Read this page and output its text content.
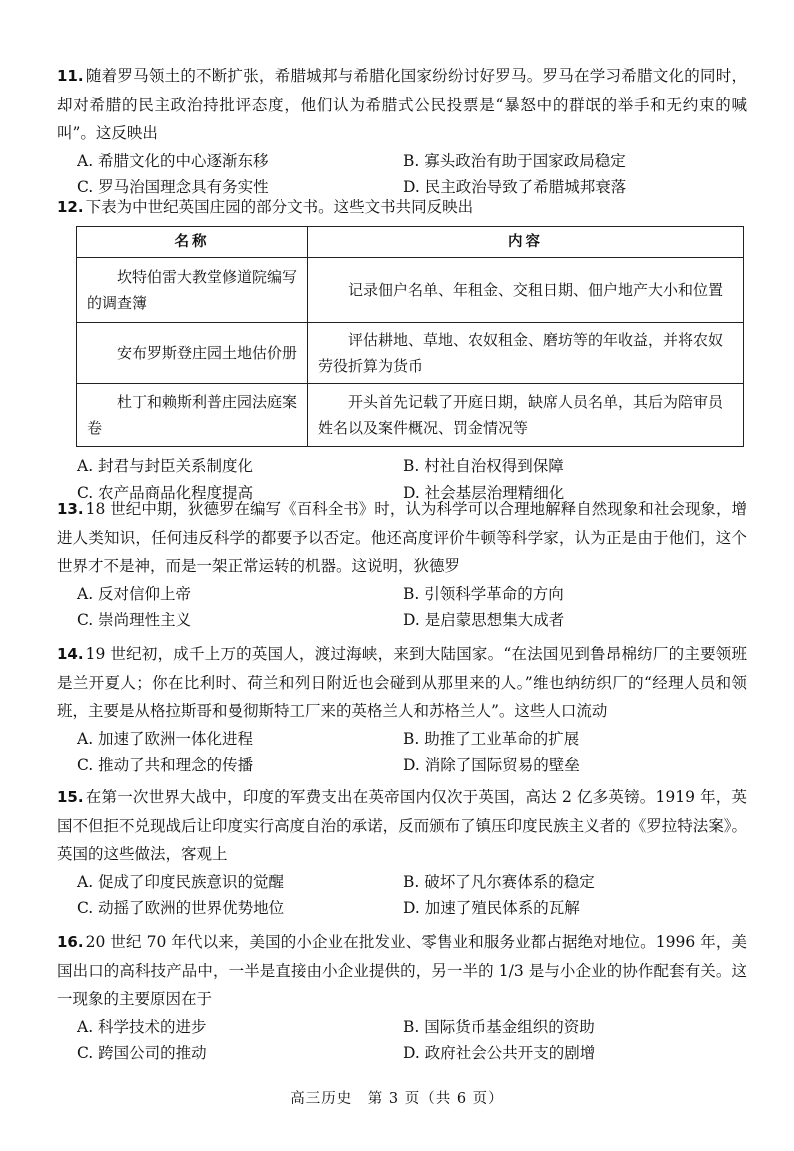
11. 随着罗马领土的不断扩张，希腊城邦与希腊化国家纷纷讨好罗马。罗马在学习希腊文化的同时，却对希腊的民主政治持批评态度，他们认为希腊式公民投票是“暴怒中的群氓的举手和无约束的喊叫”。这反映出

A. 希腊文化的中心逐渐东移	B. 寡头政治有助于国家政局稳定
C. 罗马治国理念具有务实性	D. 民主政治导致了希腊城邦衰落

12. 下表为中世纪英国庄园的部分文书。这些文书共同反映出

名称	内容
坎特伯雷大教堂修道院编写的调查簿	记录佃户名单、年租金、交租日期、佃户地产大小和位置
安布罗斯登庄园土地估价册	评估耕地、草地、农奴租金、磨坊等的年收益，并将农奴劳役折算为货币
杜丁和赖斯利普庄园法庭案卷	开头首先记载了开庭日期，缺席人员名单，其后为陪审员姓名以及案件概况、罚金情况等
A. 封君与封臣关系制度化	B. 村社自治权得到保障
C. 农产品商品化程度提高	D. 社会基层治理精细化

13. 18 世纪中期，狄德罗在编写《百科全书》时，认为科学可以合理地解释自然现象和社会现象，增进人类知识，任何违反科学的都要予以否定。他还高度评价牛顿等科学家，认为正是由于他们，这个世界才不是神，而是一架正常运转的机器。这说明，狄德罗

A. 反对信仰上帝	B. 引领科学革命的方向
C. 崇尚理性主义	D. 是启蒙思想集大成者

14. 19 世纪初，成千上万的英国人，渡过海峡，来到大陆国家。“在法国见到鲁昂棉纺厂的主要领班是兰开夏人；你在比利时、荷兰和列日附近也会碰到从那里来的人。”维也纳纺织厂的“经理人员和领班，主要是从格拉斯哥和曼彻斯特工厂来的英格兰人和苏格兰人”。这些人口流动

A. 加速了欧洲一体化进程	B. 助推了工业革命的扩展
C. 推动了共和理念的传播	D. 消除了国际贸易的壁垒

15. 在第一次世界大战中，印度的军费支出在英帝国内仅次于英国，高达 2 亿多英镑。1919 年，英国不但拒不兑现战后让印度实行高度自治的承诺，反而颁布了镇压印度民族主义者的《罗拉特法案》。英国的这些做法，客观上

A. 促成了印度民族意识的觉醒	B. 破坏了凡尔赛体系的稳定
C. 动摇了欧洲的世界优势地位	D. 加速了殖民体系的瓦解

16. 20 世纪 70 年代以来，美国的小企业在批发业、零售业和服务业都占据绝对地位。1996 年，美国出口的高科技产品中，一半是直接由小企业提供的，另一半的 1/3 是与小企业的协作配套有关。这一现象的主要原因在于

A. 科学技术的进步	B. 国际货币基金组织的资助
C. 跨国公司的推动	D. 政府社会公共开支的剧增
高三历史　第 3 页（共 6 页）
